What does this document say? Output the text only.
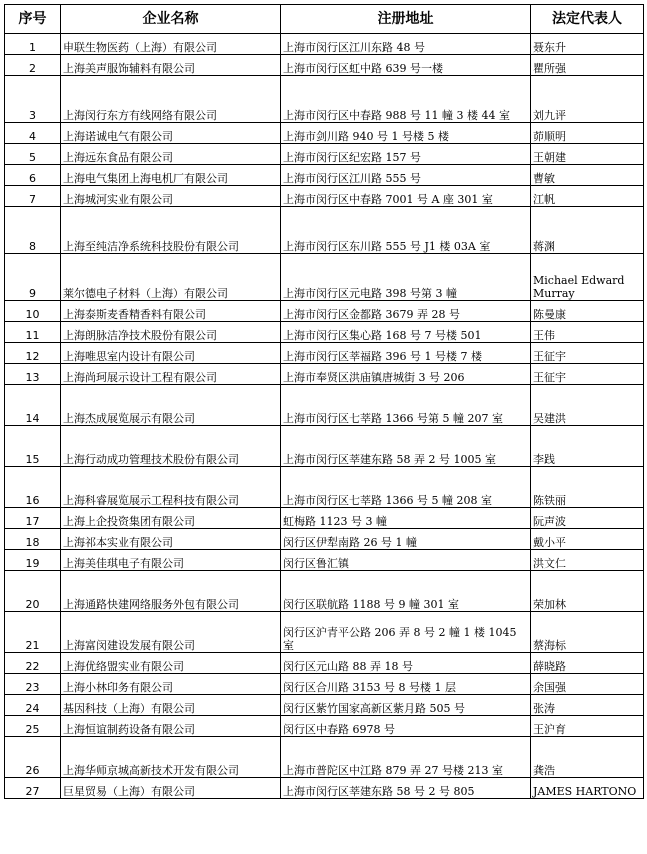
序号	企业名称	注册地址	法定代表人
1	申联生物医药（上海）有限公司	上海市闵行区江川东路 48 号	聂东升
2	上海美声服饰辅料有限公司	上海市闵行区虹中路 639 号一楼	瞿所强
3	上海闵行东方有线网络有限公司	上海市闵行区中春路 988 号 11 幢 3 楼 44 室	刘九评
4	上海诺诚电气有限公司	上海市剑川路 940 号 1 号楼 5 楼	茆顺明
5	上海远东食品有限公司	上海市闵行区纪宏路 157 号	王朝建
6	上海电气集团上海电机厂有限公司	上海市闵行区江川路 555 号	曹敏
7	上海城河实业有限公司	上海市闵行区中春路 7001 号 A 座 301 室	江帆
8	上海至纯洁净系统科技股份有限公司	上海市闵行区东川路 555 号 J1 楼 03A 室	蒋渊
9	莱尔德电子材料（上海）有限公司	上海市闵行区元电路 398 号第 3 幢	Michael Edward Murray
10	上海泰斯麦香精香料有限公司	上海市闵行区金都路 3679 弄 28 号	陈曼康
11	上海朗脉洁净技术股份有限公司	上海市闵行区集心路 168 号 7 号楼 501	王伟
12	上海唯思室内设计有限公司	上海市闵行区莘福路 396 号 1 号楼 7 楼	王征宇
13	上海尚珂展示设计工程有限公司	上海市奉贤区洪庙镇唐城街 3 号 206	王征宇
14	上海杰成展览展示有限公司	上海市闵行区七莘路 1366 号第 5 幢 207 室	吴建洪
15	上海行动成功管理技术股份有限公司	上海市闵行区莘建东路 58 弄 2 号 1005 室	李践
16	上海科睿展览展示工程科技有限公司	上海市闵行区七莘路 1366 号 5 幢 208 室	陈铁丽
17	上海上企投资集团有限公司	虹梅路 1123 号 3 幢	阮声波
18	上海祁本实业有限公司	闵行区伊犁南路 26 号 1 幢	戴小平
19	上海美佳琪电子有限公司	闵行区鲁汇镇	洪文仁
20	上海通路快建网络服务外包有限公司	闵行区联航路 1188 号 9 幢 301 室	荣加林
21	上海富闵建设发展有限公司	闵行区沪青平公路 206 弄 8 号 2 幢 1 楼 1045 室	蔡海标
22	上海优络盟实业有限公司	闵行区元山路 88 弄 18 号	薛晓路
23	上海小林印务有限公司	闵行区合川路 3153 号 8 号楼 1 层	余国强
24	基因科技（上海）有限公司	闵行区紫竹国家高新区紫月路 505 号	张涛
25	上海恒谊制药设备有限公司	闵行区中春路 6978 号	王沪育
26	上海华师京城高新技术开发有限公司	上海市普陀区中江路 879 弄 27 号楼 213 室	龚浩
27	巨星贸易（上海）有限公司	上海市闵行区莘建东路 58 号 2 号 805	JAMES HARTONO
